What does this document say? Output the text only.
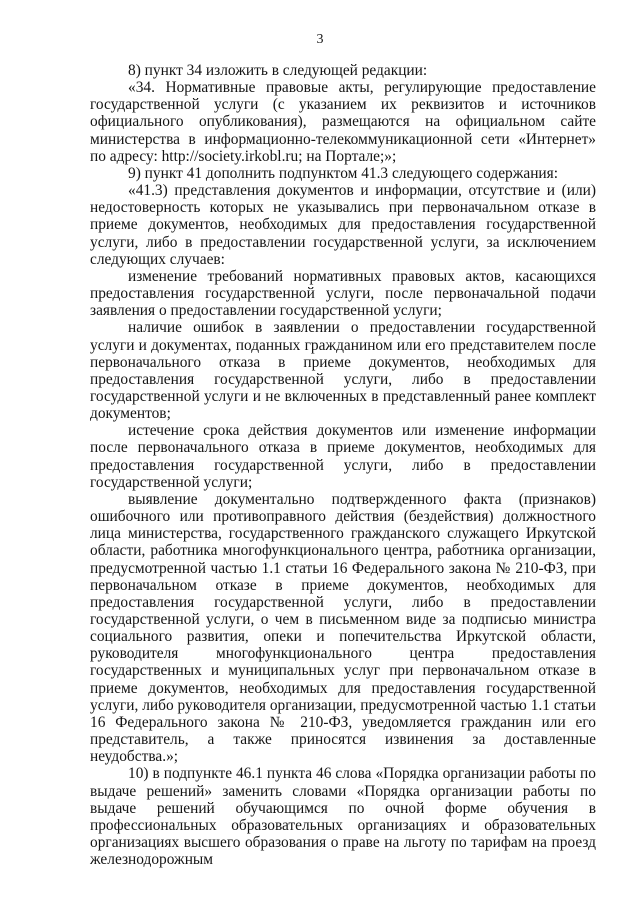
3

8) пункт 34 изложить в следующей редакции:

«34. Нормативные правовые акты, регулирующие предоставление государственной услуги (с указанием их реквизитов и источников официального опубликования), размещаются на официальном сайте министерства в информационно-телекоммуникационной сети «Интернет» по адресу: http://society.irkobl.ru; на Портале;»;

9) пункт 41 дополнить подпунктом 41.3 следующего содержания:

«41.3) представления документов и информации, отсутствие и (или) недостоверность которых не указывались при первоначальном отказе в приеме документов, необходимых для предоставления государственной услуги, либо в предоставлении государственной услуги, за исключением следующих случаев:

изменение требований нормативных правовых актов, касающихся предоставления государственной услуги, после первоначальной подачи заявления о предоставлении государственной услуги;

наличие ошибок в заявлении о предоставлении государственной услуги и документах, поданных гражданином или его представителем после первоначального отказа в приеме документов, необходимых для предоставления государственной услуги, либо в предоставлении государственной услуги и не включенных в представленный ранее комплект документов;

истечение срока действия документов или изменение информации после первоначального отказа в приеме документов, необходимых для предоставления государственной услуги, либо в предоставлении государственной услуги;

выявление документально подтвержденного факта (признаков) ошибочного или противоправного действия (бездействия) должностного лица министерства, государственного гражданского служащего Иркутской области, работника многофункционального центра, работника организации, предусмотренной частью 1.1 статьи 16 Федерального закона № 210-ФЗ, при первоначальном отказе в приеме документов, необходимых для предоставления государственной услуги, либо в предоставлении государственной услуги, о чем в письменном виде за подписью министра социального развития, опеки и попечительства Иркутской области, руководителя многофункционального центра предоставления государственных и муниципальных услуг при первоначальном отказе в приеме документов, необходимых для предоставления государственной услуги, либо руководителя организации, предусмотренной частью 1.1 статьи 16 Федерального закона № 210-ФЗ, уведомляется гражданин или его представитель, а также приносятся извинения за доставленные неудобства.»;

10) в подпункте 46.1 пункта 46 слова «Порядка организации работы по выдаче решений» заменить словами «Порядка организации работы по выдаче решений обучающимся по очной форме обучения в профессиональных образовательных организациях и образовательных организациях высшего образования о праве на льготу по тарифам на проезд железнодорожным
